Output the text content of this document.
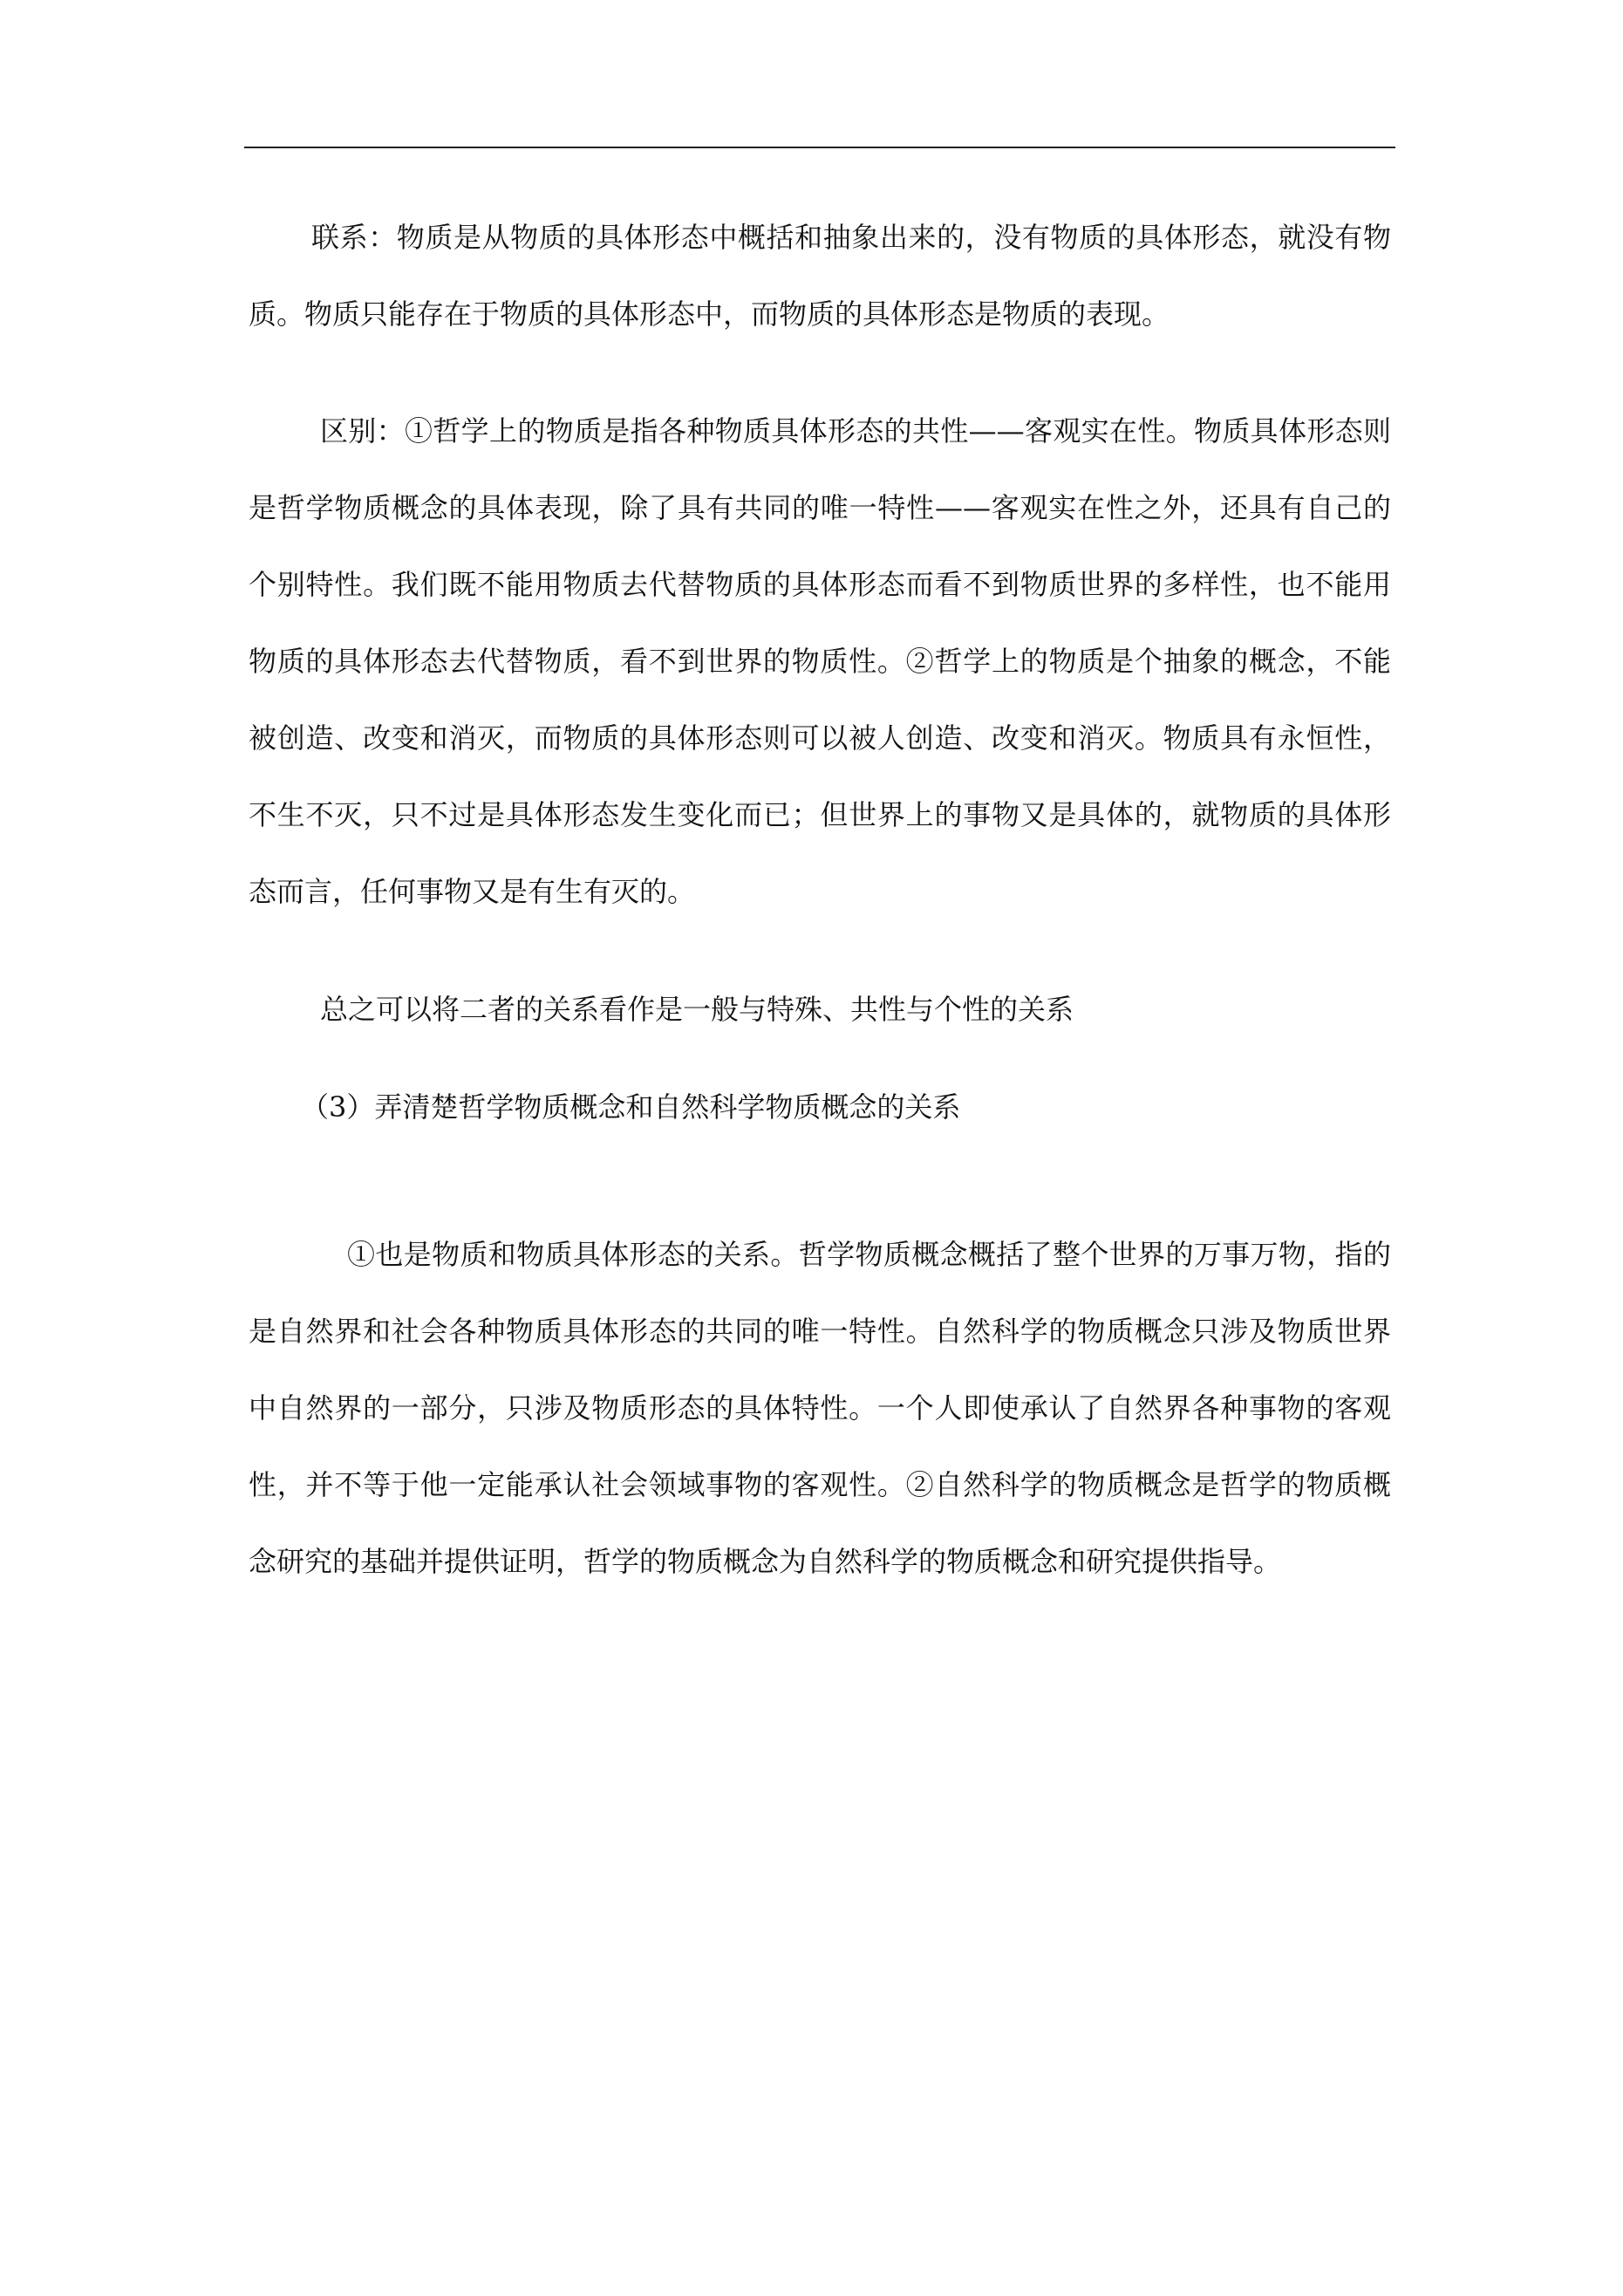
联系：物质是从物质的具体形态中概括和抽象出来的，没有物质的具体形态，就没有物质。物质只能存在于物质的具体形态中，而物质的具体形态是物质的表现。

区别：①哲学上的物质是指各种物质具体形态的共性——客观实在性。物质具体形态则是哲学物质概念的具体表现，除了具有共同的唯一特性——客观实在性之外，还具有自己的个别特性。我们既不能用物质去代替物质的具体形态而看不到物质世界的多样性，也不能用物质的具体形态去代替物质，看不到世界的物质性。②哲学上的物质是个抽象的概念，不能被创造、改变和消灭，而物质的具体形态则可以被人创造、改变和消灭。物质具有永恒性，不生不灭，只不过是具体形态发生变化而已；但世界上的事物又是具体的，就物质的具体形态而言，任何事物又是有生有灭的。

总之可以将二者的关系看作是一般与特殊、共性与个性的关系

（3）弄清楚哲学物质概念和自然科学物质概念的关系

①也是物质和物质具体形态的关系。哲学物质概念概括了整个世界的万事万物，指的是自然界和社会各种物质具体形态的共同的唯一特性。自然科学的物质概念只涉及物质世界中自然界的一部分，只涉及物质形态的具体特性。一个人即使承认了自然界各种事物的客观性，并不等于他一定能承认社会领域事物的客观性。②自然科学的物质概念是哲学的物质概念研究的基础并提供证明，哲学的物质概念为自然科学的物质概念和研究提供指导。
